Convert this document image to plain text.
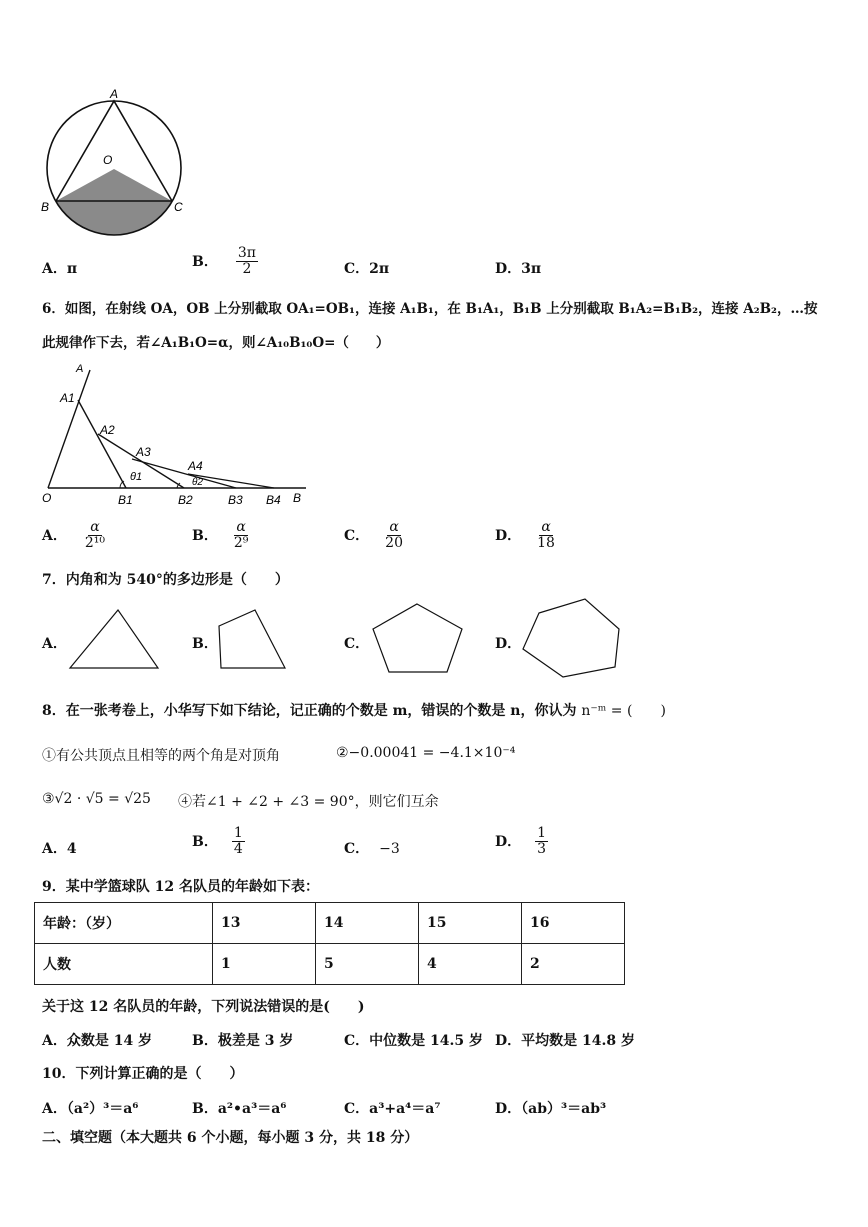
A
O
B	C
A．π	B． $\frac{3\pi}{2}$	C．2π	D．3π
6．如图，在射线 OA，OB 上分别截取 OA₁=OB₁，连接 A₁B₁，在 B₁A₁，B₁B 上分别截取 B₁A₂=B₁B₂，连接 A₂B₂，…按
此规律作下去，若∠A₁B₁O=α，则∠A₁₀B₁₀O=（　　）
A
A1
A2
A3
A4
θ1	θ2
O	B1	B2	B3 B4 B
A． $\frac{\alpha}{\text{2¹⁰}}$	B． $\frac{\alpha}{\text{2⁹}}$	C． $\frac{\alpha}{20}$	D． $\frac{\alpha}{18}$
7．内角和为 540°的多边形是（　　）
A．	B．	C．	D．
8．在一张考卷上，小华写下如下结论，记正确的个数是 m，错误的个数是 n，你认为 n⁻ᵐ = (　　)
①有公共顶点且相等的两个角是对顶角	②−0.00041 = −4.1×10⁻⁴
③√2 · √5 = √25 ④若∠1 + ∠2 + ∠3 = 90°，则它们互余
A．4	B． $\frac{1}{4}$	C． −3	D． $\frac{1}{3}$
9．某中学篮球队 12 名队员的年龄如下表：
年龄：（岁）	13	14	15	16
人数	1	5	4	2
关于这 12 名队员的年龄，下列说法错误的是(　　)
A．众数是 14 岁	B．极差是 3 岁	C．中位数是 14.5 岁 D．平均数是 14.8 岁
10．下列计算正确的是（　　）
A．（a²）³＝a⁶	B．a²•a³＝a⁶	C．a³+a⁴＝a⁷	D．（ab）³＝ab³
二、填空题（本大题共 6 个小题，每小题 3 分，共 18 分）
